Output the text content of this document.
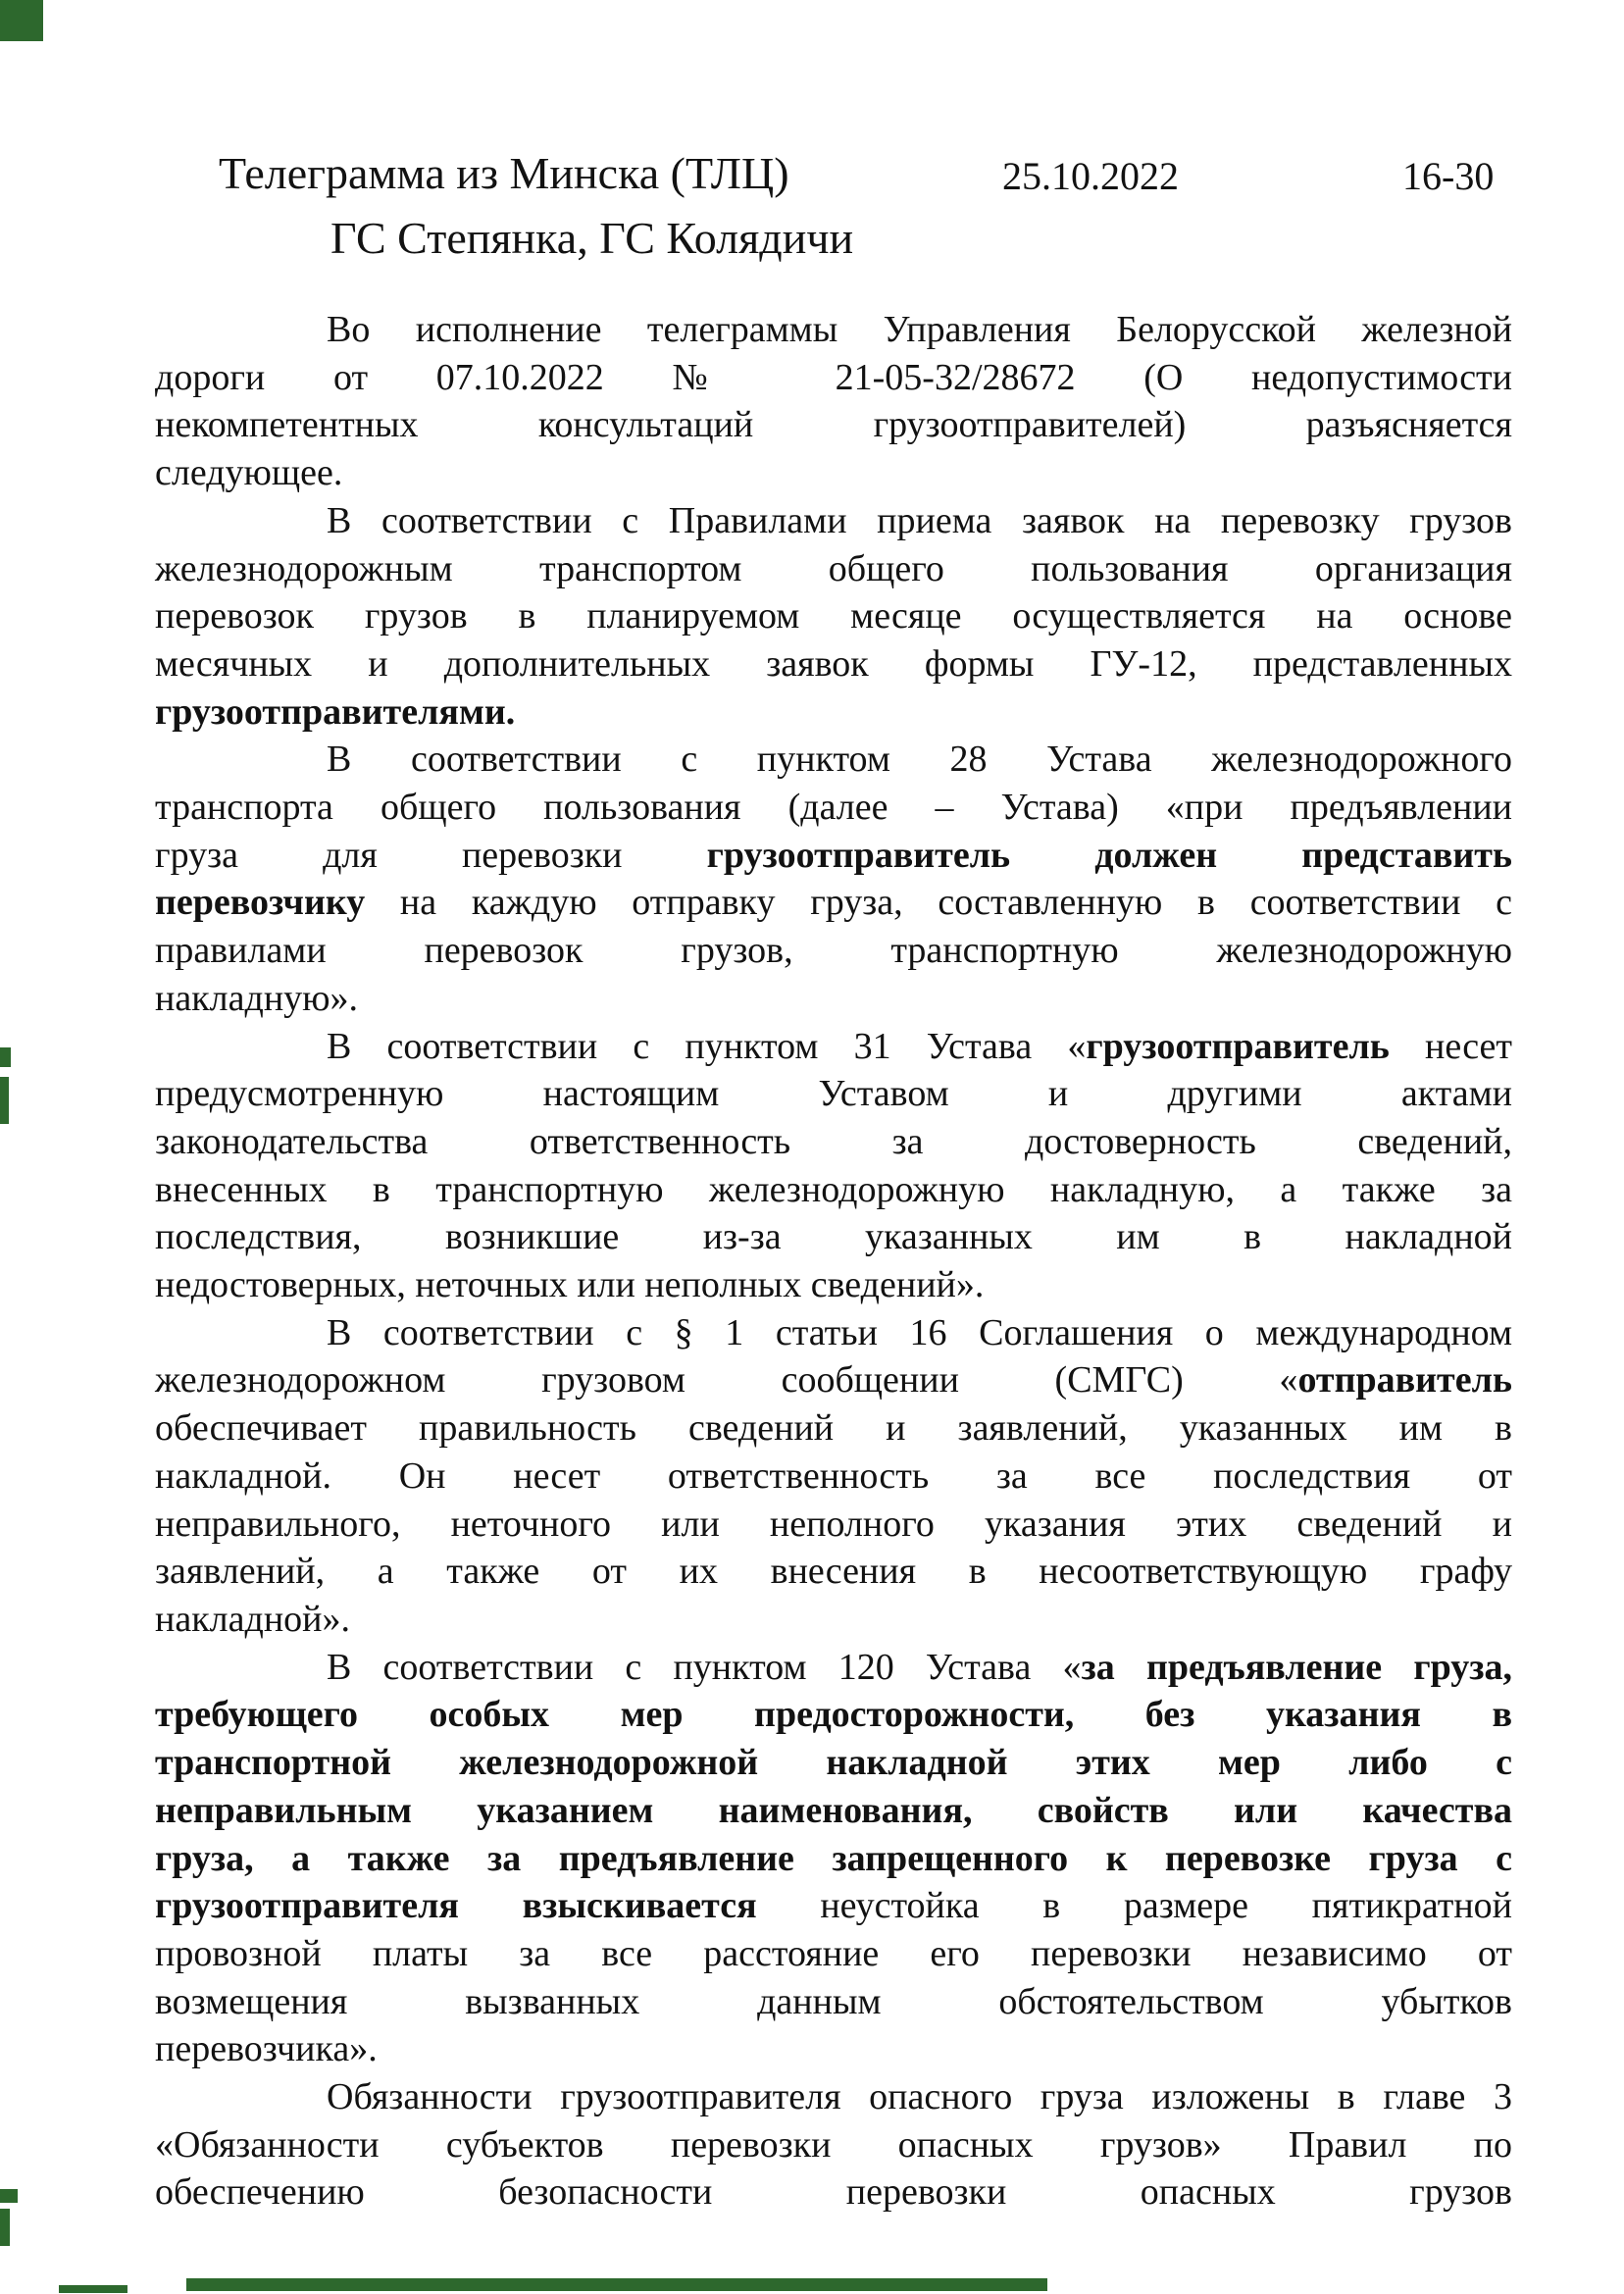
Телеграмма из Минска (ТЛЦ)	25.10.2022	16-30
ГС Степянка, ГС Колядичи
Во исполнение телеграммы Управления Белорусской железной
дороги от 07.10.2022 № 21-05-32/28672 (О недопустимости
некомпетентных консультаций грузоотправителей) разъясняется
следующее.
В соответствии с Правилами приема заявок на перевозку грузов
железнодорожным транспортом общего пользования организация
перевозок грузов в планируемом месяце осуществляется на основе
месячных и дополнительных заявок формы ГУ-12, представленных
грузоотправителями.
В соответствии с пунктом 28 Устава железнодорожного
транспорта общего пользования (далее – Устава) «при предъявлении
груза для перевозки грузоотправитель должен представить
перевозчику на каждую отправку груза, составленную в соответствии с
правилами перевозок грузов, транспортную железнодорожную
накладную».
В соответствии с пунктом 31 Устава «грузоотправитель несет
предусмотренную настоящим Уставом и другими актами
законодательства ответственность за достоверность сведений,
внесенных в транспортную железнодорожную накладную, а также за
последствия, возникшие из-за указанных им в накладной
недостоверных, неточных или неполных сведений».
В соответствии с § 1 статьи 16 Соглашения о международном
железнодорожном грузовом сообщении (СМГС) «отправитель
обеспечивает правильность сведений и заявлений, указанных им в
накладной. Он несет ответственность за все последствия от
неправильного, неточного или неполного указания этих сведений и
заявлений, а также от их внесения в несоответствующую графу
накладной».
В соответствии с пунктом 120 Устава «за предъявление груза,
требующего особых мер предосторожности, без указания в
транспортной железнодорожной накладной этих мер либо с
неправильным указанием наименования, свойств или качества
груза, а также за предъявление запрещенного к перевозке груза с
грузоотправителя взыскивается неустойка в размере пятикратной
провозной платы за все расстояние его перевозки независимо от
возмещения вызванных данным обстоятельством убытков
перевозчика».
Обязанности грузоотправителя опасного груза изложены в главе 3
«Обязанности субъектов перевозки опасных грузов» Правил по
обеспечению безопасности перевозки опасных грузов
